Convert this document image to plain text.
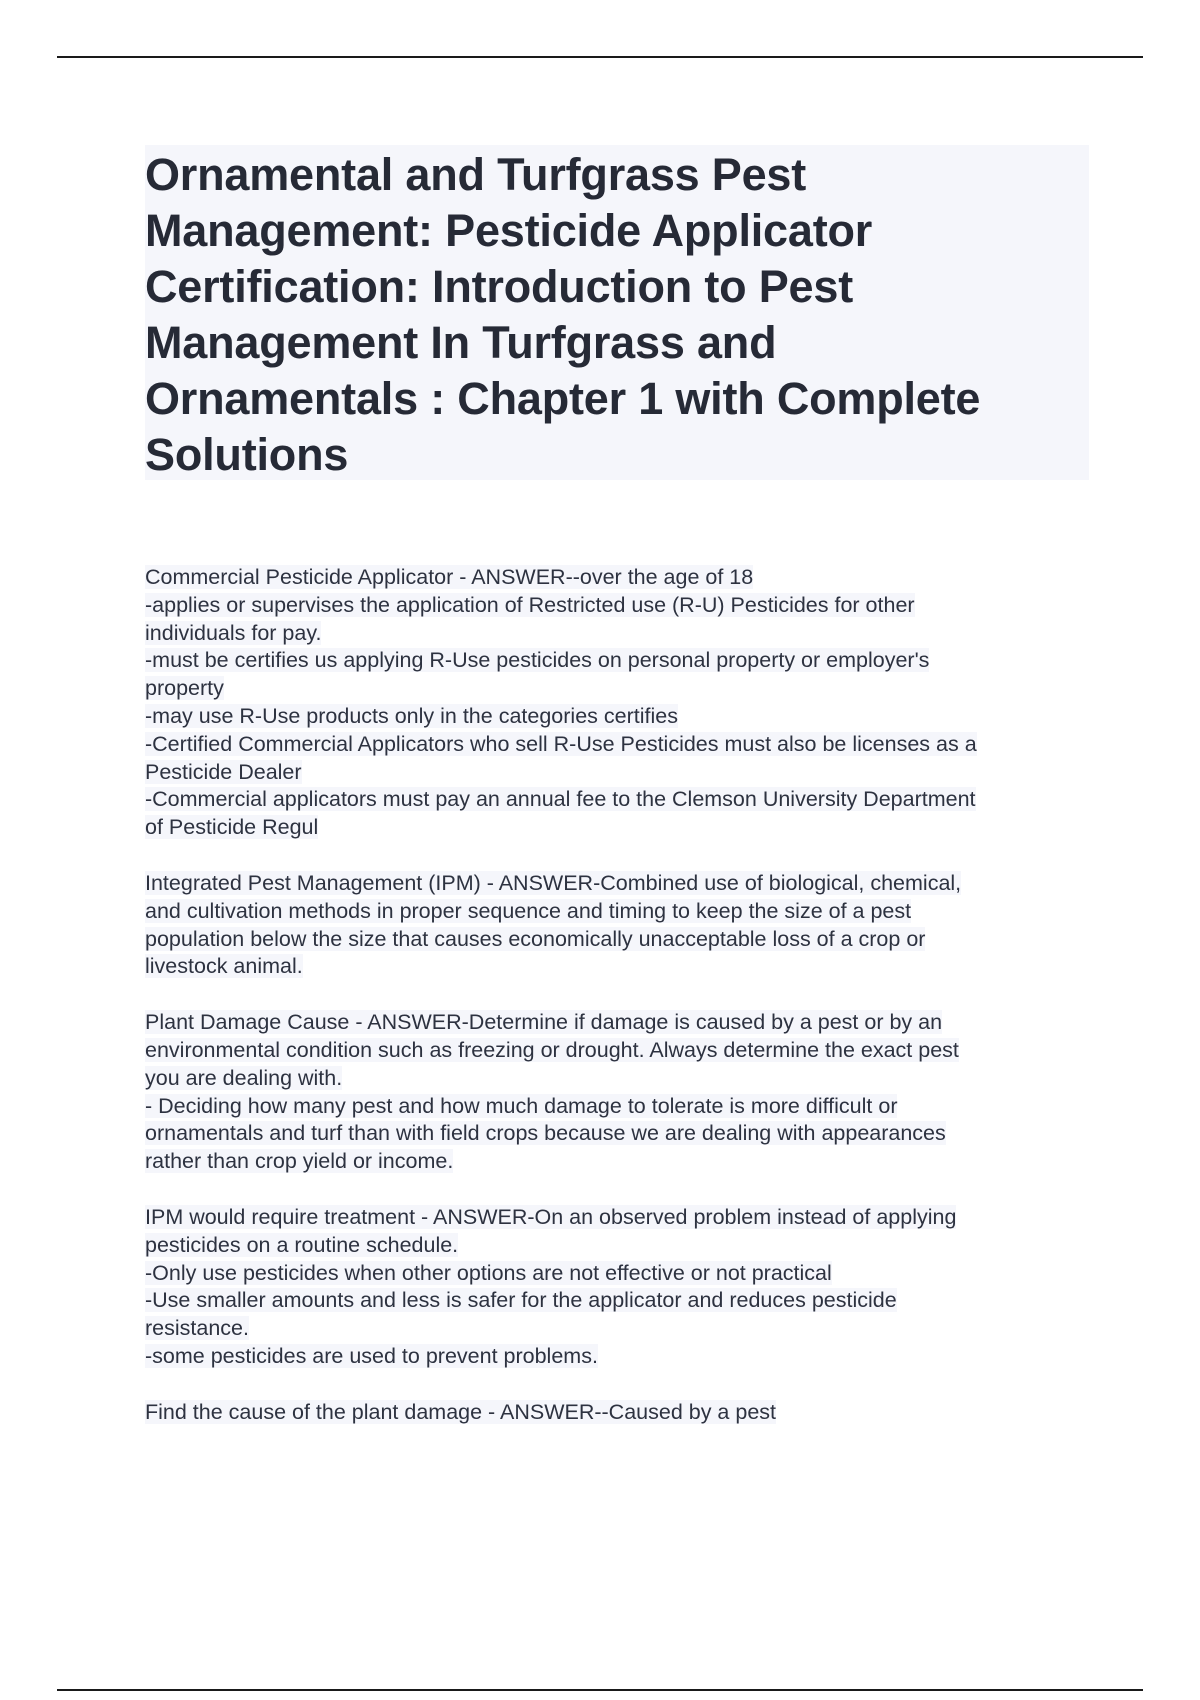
Ornamental and Turfgrass Pest
Management: Pesticide Applicator
Certification: Introduction to Pest
Management In Turfgrass and
Ornamentals : Chapter 1 with Complete
Solutions
Commercial Pesticide Applicator - ANSWER--over the age of 18
-applies or supervises the application of Restricted use (R-U) Pesticides for other
individuals for pay.
-must be certifies us applying R-Use pesticides on personal property or employer's
property
-may use R-Use products only in the categories certifies
-Certified Commercial Applicators who sell R-Use Pesticides must also be licenses as a
Pesticide Dealer
-Commercial applicators must pay an annual fee to the Clemson University Department
of Pesticide Regul
Integrated Pest Management (IPM) - ANSWER-Combined use of biological, chemical,
and cultivation methods in proper sequence and timing to keep the size of a pest
population below the size that causes economically unacceptable loss of a crop or
livestock animal.
Plant Damage Cause - ANSWER-Determine if damage is caused by a pest or by an
environmental condition such as freezing or drought. Always determine the exact pest
you are dealing with.
- Deciding how many pest and how much damage to tolerate is more difficult or
ornamentals and turf than with field crops because we are dealing with appearances
rather than crop yield or income.
IPM would require treatment - ANSWER-On an observed problem instead of applying
pesticides on a routine schedule.
-Only use pesticides when other options are not effective or not practical
-Use smaller amounts and less is safer for the applicator and reduces pesticide
resistance.
-some pesticides are used to prevent problems.
Find the cause of the plant damage - ANSWER--Caused by a pest
